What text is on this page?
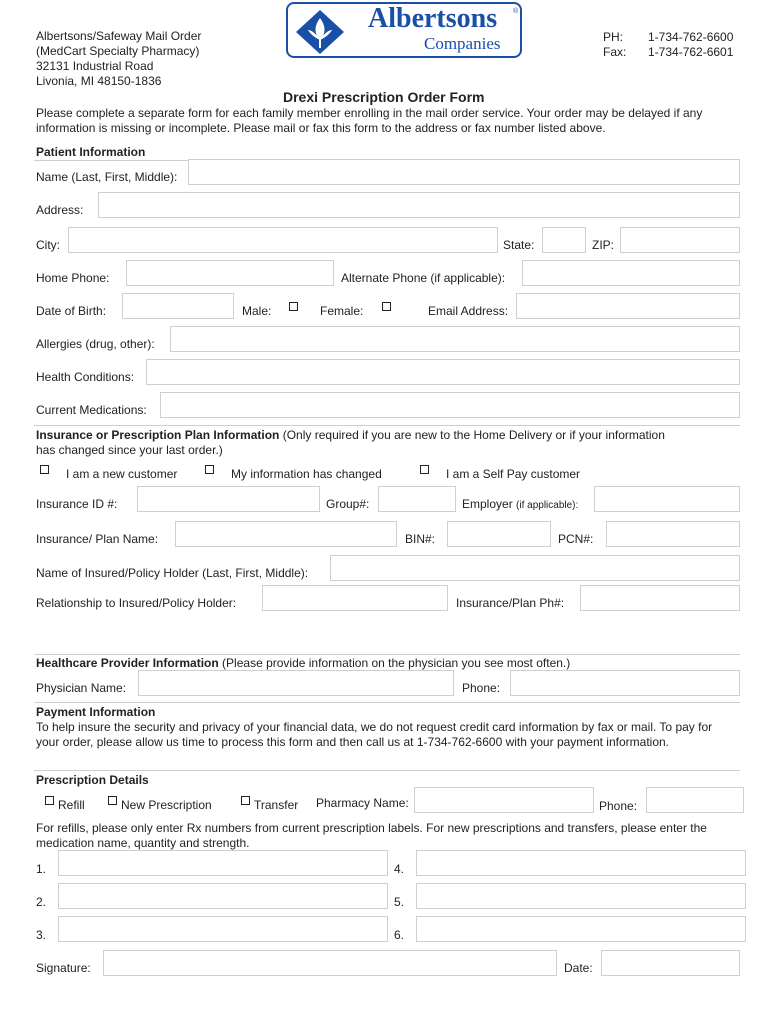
Albertsons/Safeway Mail Order
(MedCart Specialty Pharmacy)
32131 Industrial Road
Livonia, MI 48150-1836
Albertsons ®
Companies	PH: 1-734-762-6600
Fax: 1-734-762-6601
Drexi Prescription Order Form
Please complete a separate form for each family member enrolling in the mail order service. Your order may be delayed if any information is missing or incomplete. Please mail or fax this form to the address or fax number listed above.
Patient Information
Name (Last, First, Middle):
Address:
City:	State:	ZIP:
Home Phone:	Alternate Phone (if applicable):
Date of Birth:	Male:	Female:	Email Address:
Allergies (drug, other):
Health Conditions:
Current Medications:
Insurance or Prescription Plan Information (Only required if you are new to the Home Delivery or if your information
has changed since your last order.)
I am a new customer	My information has changed	I am a Self Pay customer
Insurance ID #:	Group#:	Employer (if applicable):
Insurance/ Plan Name:	BIN#:	PCN#:
Name of Insured/Policy Holder (Last, First, Middle):
Relationship to Insured/Policy Holder:	Insurance/Plan Ph#:
Healthcare Provider Information (Please provide information on the physician you see most often.)
Physician Name:	Phone:
Payment Information
To help insure the security and privacy of your financial data, we do not request credit card information by fax or mail. To pay for your order, please allow us time to process this form and then call us at 1-734-762-6600 with your payment information.
Prescription Details
Refill	New Prescription	Transfer Pharmacy Name:	Phone:
For refills, please only enter Rx numbers from current prescription labels. For new prescriptions and transfers, please enter the medication name, quantity and strength.
1.	4.
2.	5.
3.	6.
Signature:	Date:
